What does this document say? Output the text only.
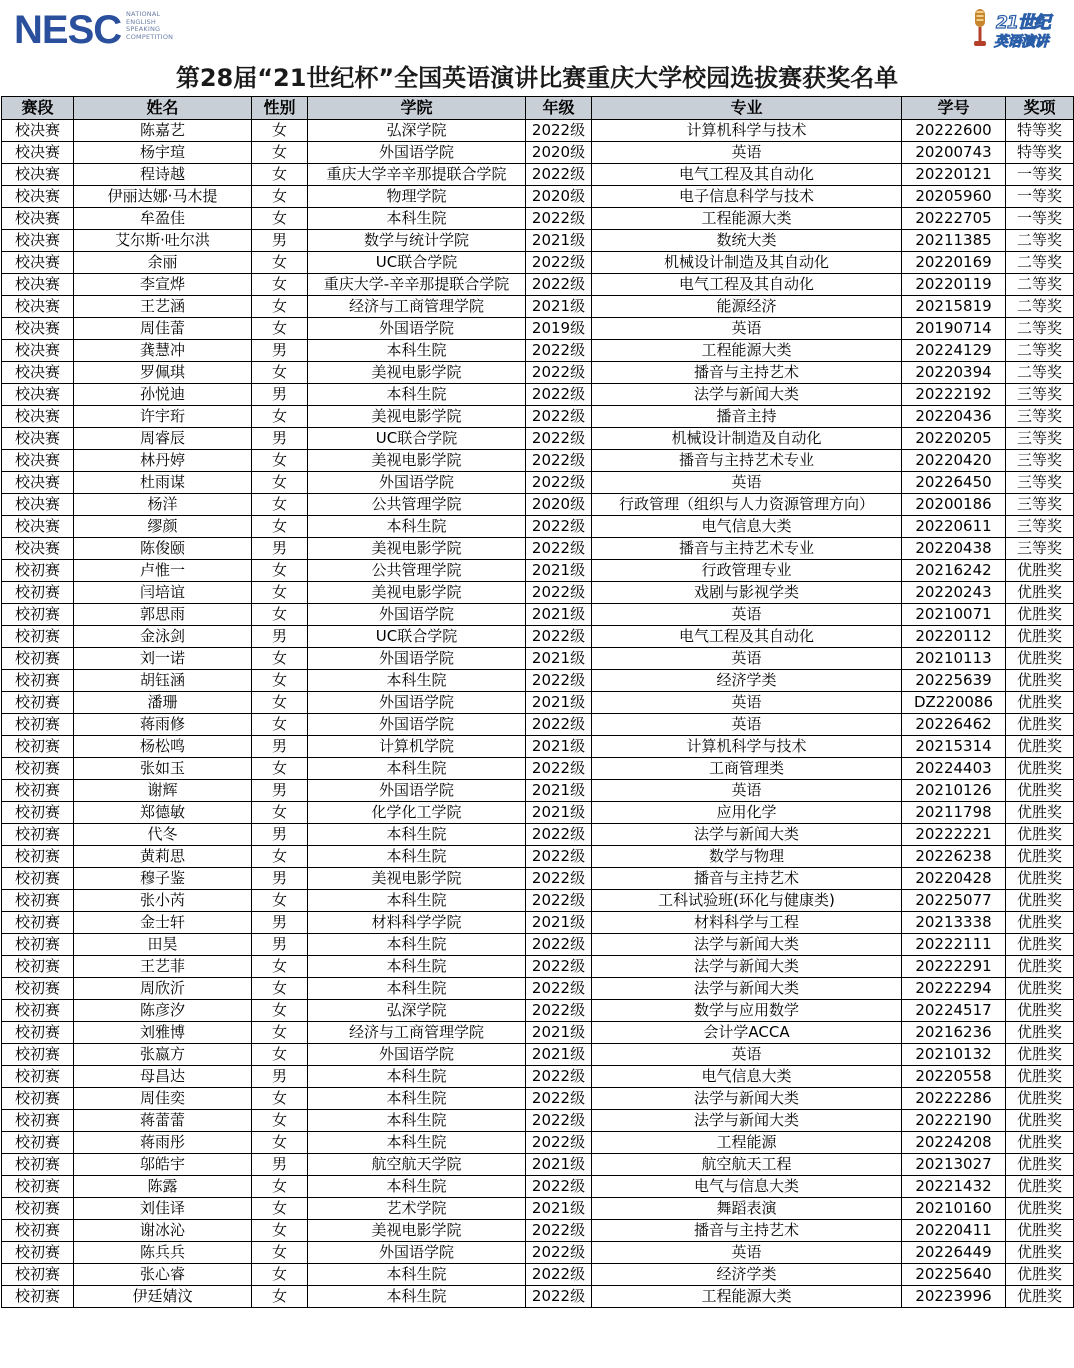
NESC NATIONAL
ENGLISH
SPEAKING
COMPETITION
21世纪
英语演讲
第28届“21世纪杯”全国英语演讲比赛重庆大学校园选拔赛获奖名单
赛段	姓名	性别	学院	年级	专业	学号	奖项
校决赛	陈嘉艺	女	弘深学院	2022级	计算机科学与技术	20222600	特等奖
校决赛	杨宇瑄	女	外国语学院	2020级	英语	20200743	特等奖
校决赛	程诗越	女	重庆大学辛辛那提联合学院	2022级	电气工程及其自动化	20220121	一等奖
校决赛	伊丽达娜·马木提	女	物理学院	2020级	电子信息科学与技术	20205960	一等奖
校决赛	牟盈佳	女	本科生院	2022级	工程能源大类	20222705	一等奖
校决赛	艾尔斯·吐尔洪	男	数学与统计学院	2021级	数统大类	20211385	二等奖
校决赛	余丽	女	UC联合学院	2022级	机械设计制造及其自动化	20220169	二等奖
校决赛	李宣烨	女	重庆大学-辛辛那提联合学院	2022级	电气工程及其自动化	20220119	二等奖
校决赛	王艺涵	女	经济与工商管理学院	2021级	能源经济	20215819	二等奖
校决赛	周佳蕾	女	外国语学院	2019级	英语	20190714	二等奖
校决赛	龚慧冲	男	本科生院	2022级	工程能源大类	20224129	二等奖
校决赛	罗佩琪	女	美视电影学院	2022级	播音与主持艺术	20220394	二等奖
校决赛	孙悦迪	男	本科生院	2022级	法学与新闻大类	20222192	三等奖
校决赛	许宇珩	女	美视电影学院	2022级	播音主持	20220436	三等奖
校决赛	周睿辰	男	UC联合学院	2022级	机械设计制造及自动化	20220205	三等奖
校决赛	林丹婷	女	美视电影学院	2022级	播音与主持艺术专业	20220420	三等奖
校决赛	杜雨谋	女	外国语学院	2022级	英语	20226450	三等奖
校决赛	杨洋	女	公共管理学院	2020级	行政管理（组织与人力资源管理方向）	20200186	三等奖
校决赛	缪颜	女	本科生院	2022级	电气信息大类	20220611	三等奖
校决赛	陈俊颐	男	美视电影学院	2022级	播音与主持艺术专业	20220438	三等奖
校初赛	卢惟一	女	公共管理学院	2021级	行政管理专业	20216242	优胜奖
校初赛	闫培谊	女	美视电影学院	2022级	戏剧与影视学类	20220243	优胜奖
校初赛	郭思雨	女	外国语学院	2021级	英语	20210071	优胜奖
校初赛	金泳剑	男	UC联合学院	2022级	电气工程及其自动化	20220112	优胜奖
校初赛	刘一诺	女	外国语学院	2021级	英语	20210113	优胜奖
校初赛	胡钰涵	女	本科生院	2022级	经济学类	20225639	优胜奖
校初赛	潘珊	女	外国语学院	2021级	英语	DZ220086	优胜奖
校初赛	蒋雨修	女	外国语学院	2022级	英语	20226462	优胜奖
校初赛	杨松鸣	男	计算机学院	2021级	计算机科学与技术	20215314	优胜奖
校初赛	张如玉	女	本科生院	2022级	工商管理类	20224403	优胜奖
校初赛	谢辉	男	外国语学院	2021级	英语	20210126	优胜奖
校初赛	郑德敏	女	化学化工学院	2021级	应用化学	20211798	优胜奖
校初赛	代冬	男	本科生院	2022级	法学与新闻大类	20222221	优胜奖
校初赛	黄莉思	女	本科生院	2022级	数学与物理	20226238	优胜奖
校初赛	穆子鉴	男	美视电影学院	2022级	播音与主持艺术	20220428	优胜奖
校初赛	张小芮	女	本科生院	2022级	工科试验班(环化与健康类)	20225077	优胜奖
校初赛	金士轩	男	材料科学学院	2021级	材料科学与工程	20213338	优胜奖
校初赛	田昊	男	本科生院	2022级	法学与新闻大类	20222111	优胜奖
校初赛	王艺菲	女	本科生院	2022级	法学与新闻大类	20222291	优胜奖
校初赛	周欣沂	女	本科生院	2022级	法学与新闻大类	20222294	优胜奖
校初赛	陈彦汐	女	弘深学院	2022级	数学与应用数学	20224517	优胜奖
校初赛	刘雅博	女	经济与工商管理学院	2021级	会计学ACCA	20216236	优胜奖
校初赛	张嬴方	女	外国语学院	2021级	英语	20210132	优胜奖
校初赛	母昌达	男	本科生院	2022级	电气信息大类	20220558	优胜奖
校初赛	周佳奕	女	本科生院	2022级	法学与新闻大类	20222286	优胜奖
校初赛	蒋蕾蕾	女	本科生院	2022级	法学与新闻大类	20222190	优胜奖
校初赛	蒋雨彤	女	本科生院	2022级	工程能源	20224208	优胜奖
校初赛	邬皓宇	男	航空航天学院	2021级	航空航天工程	20213027	优胜奖
校初赛	陈露	女	本科生院	2022级	电气与信息大类	20221432	优胜奖
校初赛	刘佳译	女	艺术学院	2021级	舞蹈表演	20210160	优胜奖
校初赛	谢冰沁	女	美视电影学院	2022级	播音与主持艺术	20220411	优胜奖
校初赛	陈兵兵	女	外国语学院	2022级	英语	20226449	优胜奖
校初赛	张心睿	女	本科生院	2022级	经济学类	20225640	优胜奖
校初赛	伊廷婧汶	女	本科生院	2022级	工程能源大类	20223996	优胜奖
